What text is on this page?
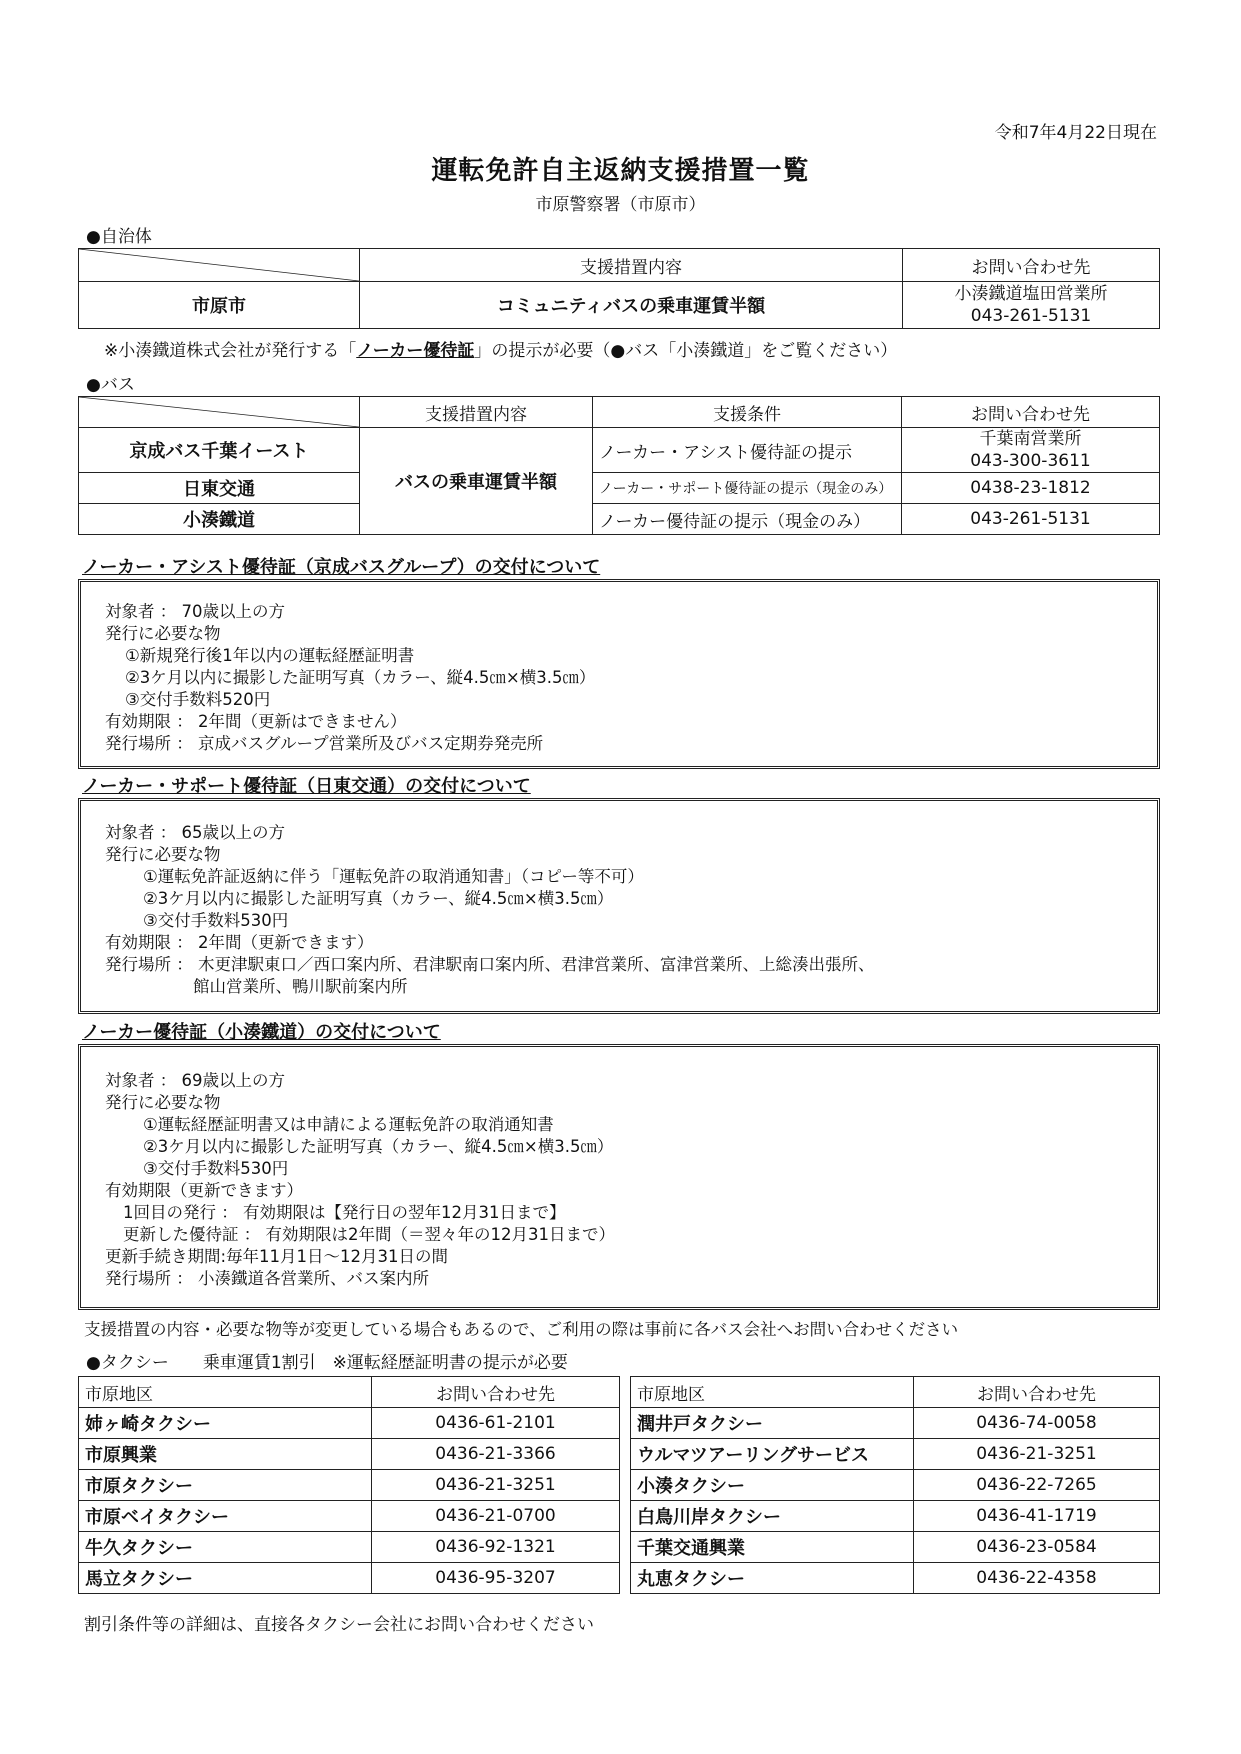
令和7年4月22日現在
運転免許自主返納支援措置一覧
市原警察署（市原市）
●自治体
	支援措置内容	お問い合わせ先
市原市	コミュニティバスの乗車運賃半額	小湊鐵道塩田営業所
043-261-5131
※小湊鐵道株式会社が発行する「ノーカー優待証」の提示が必要（●バス「小湊鐵道」をご覧ください）
●バス
	支援措置内容	支援条件	お問い合わせ先
京成バス千葉イースト	バスの乗車運賃半額	ノーカー・アシスト優待証の提示	千葉南営業所
043-300-3611

日東交通		ノーカー・サポート優待証の提示（現金のみ）	0438-23-1812
小湊鐵道		ノーカー優待証の提示（現金のみ）	043-261-5131
ノーカー・アシスト優待証（京成バスグループ）の交付について
対象者 ： 70歳以上の方
発行に必要な物
①新規発行後1年以内の運転経歴証明書
②3ケ月以内に撮影した証明写真（カラー、縦4.5㎝×横3.5㎝）
③交付手数料520円
有効期限 ： 2年間（更新はできません）
発行場所 ： 京成バスグループ営業所及びバス定期券発売所
ノーカー・サポート優待証（日東交通）の交付について
対象者 ： 65歳以上の方
発行に必要な物
①運転免許証返納に伴う「運転免許の取消通知書」（コピー等不可）
②3ケ月以内に撮影した証明写真（カラー、縦4.5㎝×横3.5㎝）
③交付手数料530円
有効期限 ： 2年間（更新できます）
発行場所 ： 木更津駅東口／西口案内所、君津駅南口案内所、君津営業所、富津営業所、上総湊出張所、
館山営業所、鴨川駅前案内所
ノーカー優待証（小湊鐵道）の交付について
対象者 ： 69歳以上の方
発行に必要な物
①運転経歴証明書又は申請による運転免許の取消通知書
②3ケ月以内に撮影した証明写真（カラー、縦4.5㎝×横3.5㎝）
③交付手数料530円
有効期限（更新できます）
1回目の発行 ： 有効期限は【発行日の翌年12月31日まで】
更新した優待証 ： 有効期限は2年間（＝翌々年の12月31日まで）
更新手続き期間:毎年11月1日～12月31日の間
発行場所 ： 小湊鐵道各営業所、バス案内所
支援措置の内容・必要な物等が変更している場合もあるので、ご利用の際は事前に各バス会社へお問い合わせください
●タクシー　　乗車運賃1割引　※運転経歴証明書の提示が必要
市原地区	お問い合わせ先
姉ヶ崎タクシー	0436-61-2101
市原興業	0436-21-3366
市原タクシー	0436-21-3251
市原ベイタクシー	0436-21-0700
牛久タクシー	0436-92-1321
馬立タクシー	0436-95-3207
市原地区	お問い合わせ先
潤井戸タクシー	0436-74-0058
ウルマツアーリングサービス	0436-21-3251
小湊タクシー	0436-22-7265
白鳥川岸タクシー	0436-41-1719
千葉交通興業	0436-23-0584
丸恵タクシー	0436-22-4358
割引条件等の詳細は、直接各タクシー会社にお問い合わせください
